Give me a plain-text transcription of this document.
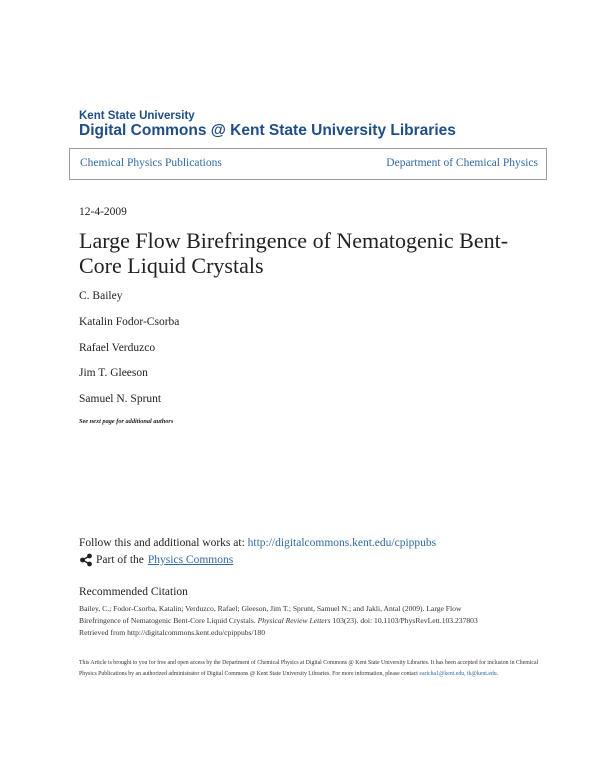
Kent State University
Digital Commons @ Kent State University Libraries
Chemical Physics Publications	Department of Chemical Physics
12-4-2009
Large Flow Birefringence of Nematogenic Bent-Core Liquid Crystals
C. Bailey
Katalin Fodor-Csorba
Rafael Verduzco
Jim T. Gleeson
Samuel N. Sprunt
See next page for additional authors
Follow this and additional works at: http://digitalcommons.kent.edu/cpippubs
Part of the Physics Commons
Recommended Citation
Bailey, C.; Fodor-Csorba, Katalin; Verduzco, Rafael; Gleeson, Jim T.; Sprunt, Samuel N.; and Jakli, Antal (2009). Large Flow
Birefringence of Nematogenic Bent-Core Liquid Crystals. Physical Review Letters 103(23). doi: 10.1103/PhysRevLett.103.237803
Retrieved from http://digitalcommons.kent.edu/cpippubs/180
This Article is brought to you for free and open access by the Department of Chemical Physics at Digital Commons @ Kent State University Libraries. It has been accepted for inclusion in Chemical Physics Publications by an authorized administrator of Digital Commons @ Kent State University Libraries. For more information, please contact earicha1@kent.edu, tk@kent.edu.
